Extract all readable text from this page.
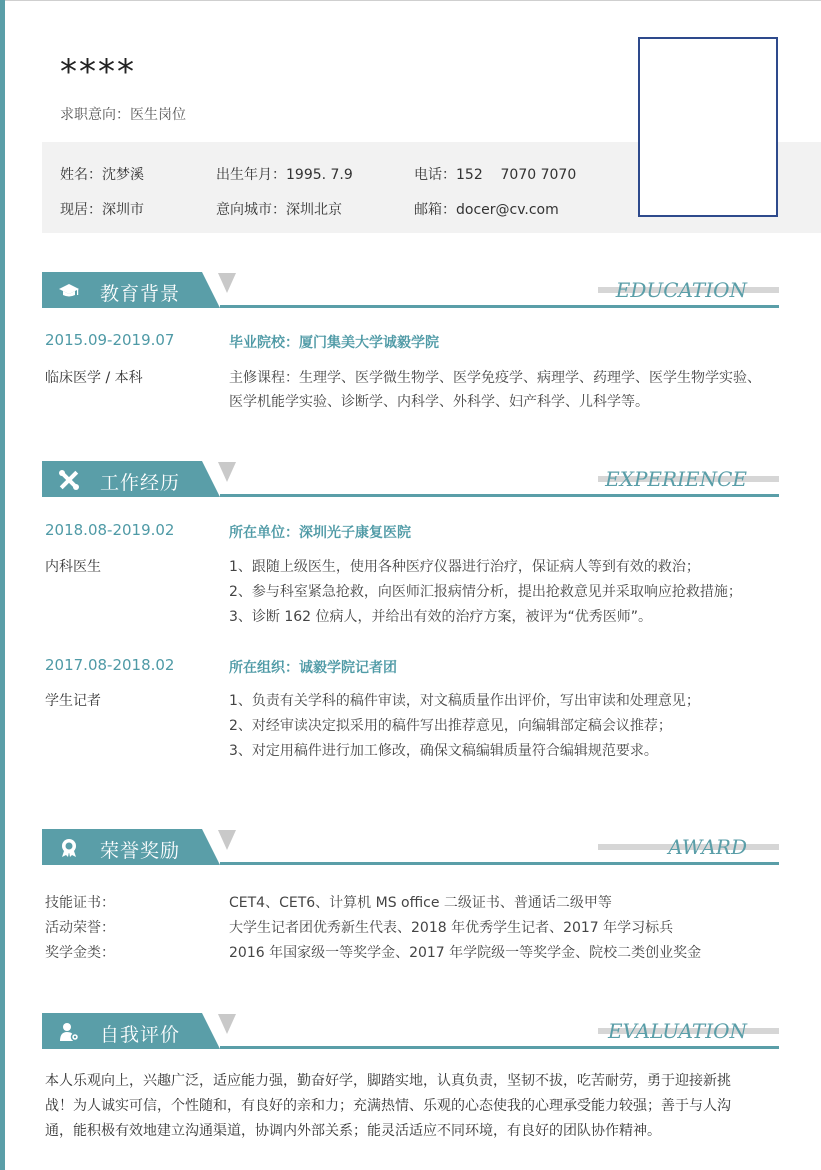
****
求职意向：医生岗位
姓名：沈梦溪	出生年月：1995. 7.9	电话：152    7070 7070
现居：深圳市	意向城市：深圳北京	邮箱：docer@cv.com
教育背景	EDUCATION
2015.09-2019.07	毕业院校：厦门集美大学诚毅学院
临床医学 / 本科	主修课程：生理学、医学微生物学、医学免疫学、病理学、药理学、医学生物学实验、
医学机能学实验、诊断学、内科学、外科学、妇产科学、儿科学等。
工作经历	EXPERIENCE
2018.08-2019.02	所在单位：深圳光子康复医院
内科医生	1、跟随上级医生，使用各种医疗仪器进行治疗，保证病人等到有效的救治；
2、参与科室紧急抢救，向医师汇报病情分析，提出抢救意见并采取响应抢救措施；
3、诊断 162 位病人，并给出有效的治疗方案，被评为“优秀医师”。
2017.08-2018.02	所在组织：诚毅学院记者团
学生记者	1、负责有关学科的稿件审读，对文稿质量作出评价，写出审读和处理意见；
2、对经审读决定拟采用的稿件写出推荐意见，向编辑部定稿会议推荐；
3、对定用稿件进行加工修改，确保文稿编辑质量符合编辑规范要求。
荣誉奖励	AWARD
技能证书：	CET4、CET6、计算机 MS office 二级证书、普通话二级甲等
活动荣誉：	大学生记者团优秀新生代表、2018 年优秀学生记者、2017 年学习标兵
奖学金类：	2016 年国家级一等奖学金、2017 年学院级一等奖学金、院校二类创业奖金
自我评价	EVALUATION
本人乐观向上，兴趣广泛，适应能力强，勤奋好学，脚踏实地，认真负责，坚韧不拔，吃苦耐劳，勇于迎接新挑
战！为人诚实可信，个性随和，有良好的亲和力；充满热情、乐观的心态使我的心理承受能力较强；善于与人沟
通，能积极有效地建立沟通渠道，协调内外部关系；能灵活适应不同环境，有良好的团队协作精神。
